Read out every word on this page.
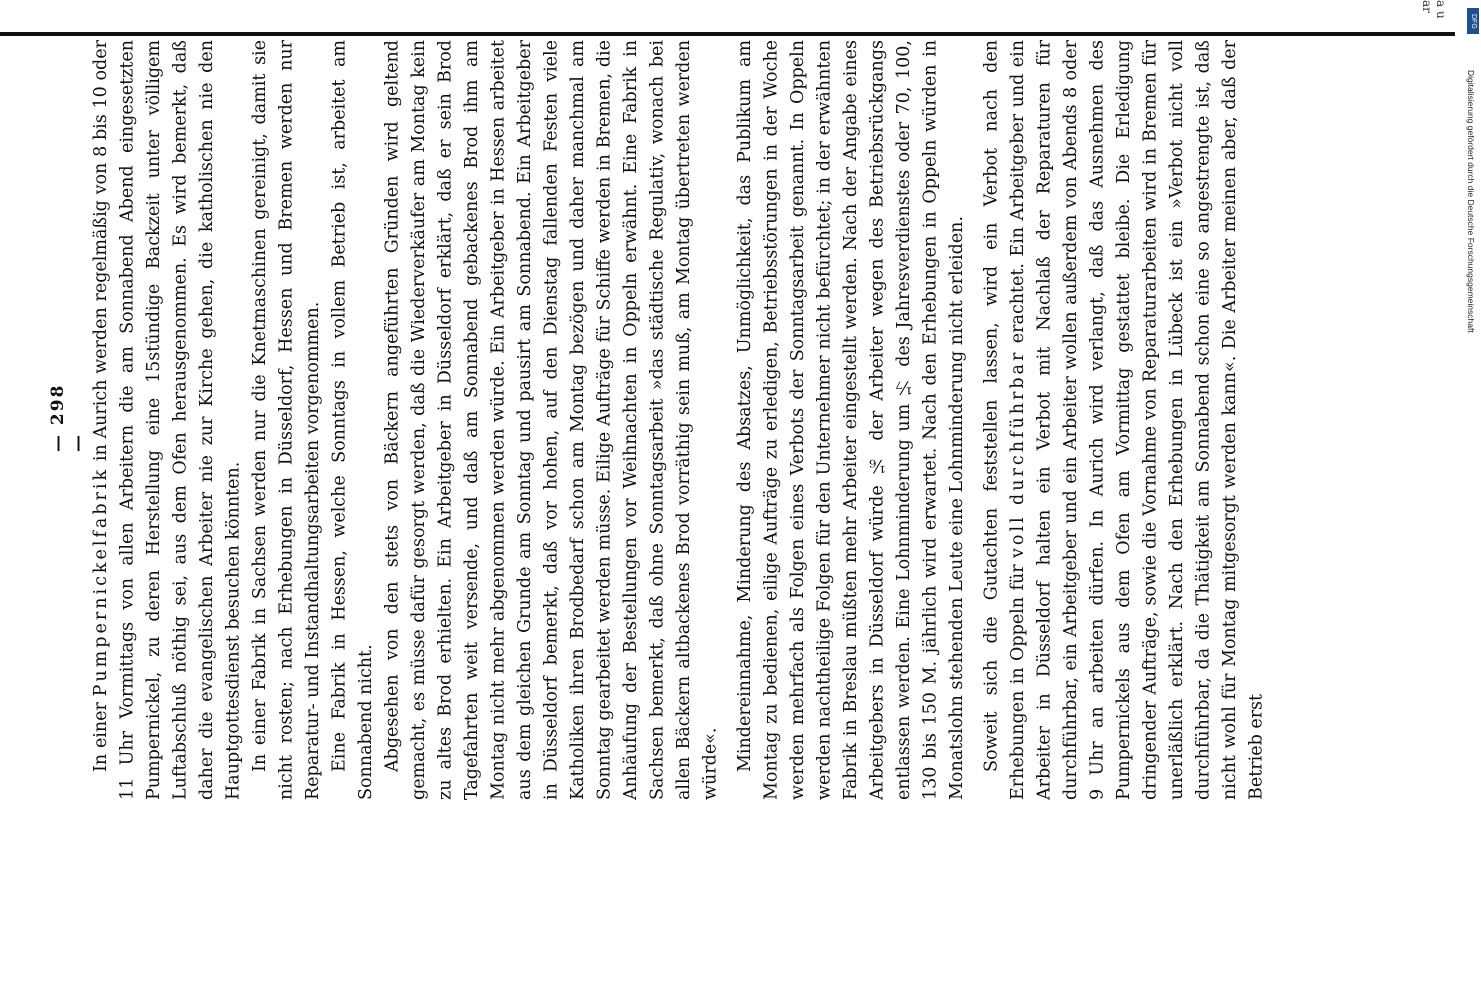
a u ar
DFG
Digitalisierung gefördert durch die Deutsche Forschungsgemeinschaft
— 298 —

In einer Pumpernickelfabrik in Aurich werden regelmäßig von 8 bis 10 oder 11 Uhr Vormittags von allen Arbeitern die am Sonnabend Abend eingesetzten Pumpernickel, zu deren Herstellung eine 15stündige Backzeit unter völligem Luftabschluß nöthig sei, aus dem Ofen herausgenommen. Es wird bemerkt, daß daher die evangelischen Arbeiter nie zur Kirche gehen, die katholischen nie den Hauptgottesdienst besuchen könnten. In einer Fabrik in Sachsen werden nur die Knetmaschinen gereinigt, damit sie nicht rosten; nach Erhebungen in Düsseldorf, Hessen und Bremen werden nur Reparatur- und Instandhaltungsarbeiten vorgenommen. Eine Fabrik in Hessen, welche Sonntags in vollem Betrieb ist, arbeitet am Sonnabend nicht. Abgesehen von den stets von Bäckern angeführten Gründen wird geltend gemacht, es müsse dafür gesorgt werden, daß die Wiederverkäufer am Montag kein zu altes Brod erhielten. Ein Arbeitgeber in Düsseldorf erklärt, daß er sein Brod Tagefahrten weit versende, und daß am Sonnabend gebackenes Brod ihm am Montag nicht mehr abgenommen werden würde. Ein Arbeitgeber in Hessen arbeitet aus dem gleichen Grunde am Sonntag und pausirt am Sonnabend. Ein Arbeitgeber in Düsseldorf bemerkt, daß vor hohen, auf den Dienstag fallenden Festen viele Katholiken ihren Brodbedarf schon am Montag bezögen und daher manchmal am Sonntag gearbeitet werden müsse. Eilige Aufträge für Schiffe werden in Bremen, die Anhäufung der Bestellungen vor Weihnachten in Oppeln erwähnt. Eine Fabrik in Sachsen bemerkt, daß ohne Sonntagsarbeit »das städtische Regulativ, wonach bei allen Bäckern altbackenes Brod vorräthig sein muß, am Montag übertreten werden würde«. Mindereinnahme, Minderung des Absatzes, Unmöglichkeit, das Publikum am Montag zu bedienen, eilige Aufträge zu erledigen, Betriebsstörungen in der Woche werden mehrfach als Folgen eines Verbots der Sonntagsarbeit genannt. In Oppeln werden nachtheilige Folgen für den Unternehmer nicht befürchtet; in der erwähnten Fabrik in Breslau müßten mehr Arbeiter eingestellt werden. Nach der Angabe eines Arbeitgebers in Düsseldorf würde ⅙ der Arbeiter wegen des Betriebsrückgangs entlassen werden. Eine Lohnminderung um ⅐ des Jahresverdienstes oder 70, 100, 130 bis 150 M. jährlich wird erwartet. Nach den Erhebungen in Oppeln würden in Monatslohn stehenden Leute eine Lohnminderung nicht erleiden. Soweit sich die Gutachten feststellen lassen, wird ein Verbot nach den Erhebungen in Oppeln für voll durchführbar erachtet. Ein Arbeitgeber und ein Arbeiter in Düsseldorf halten ein Verbot mit Nachlaß der Reparaturen für durchführbar, ein Arbeitgeber und ein Arbeiter wollen außerdem von Abends 8 oder 9 Uhr an arbeiten dürfen. In Aurich wird verlangt, daß das Ausnehmen des Pumpernickels aus dem Ofen am Vormittag gestattet bleibe. Die Erledigung dringender Aufträge, sowie die Vornahme von Reparaturarbeiten wird in Bremen für unerläßlich erklärt. Nach den Erhebungen in Lübeck ist ein »Verbot nicht voll durchführbar, da die Thätigkeit am Sonnabend schon eine so angestrengte ist, daß nicht wohl für Montag mitgesorgt werden kann«. Die Arbeiter meinen aber, daß der Betrieb erst
